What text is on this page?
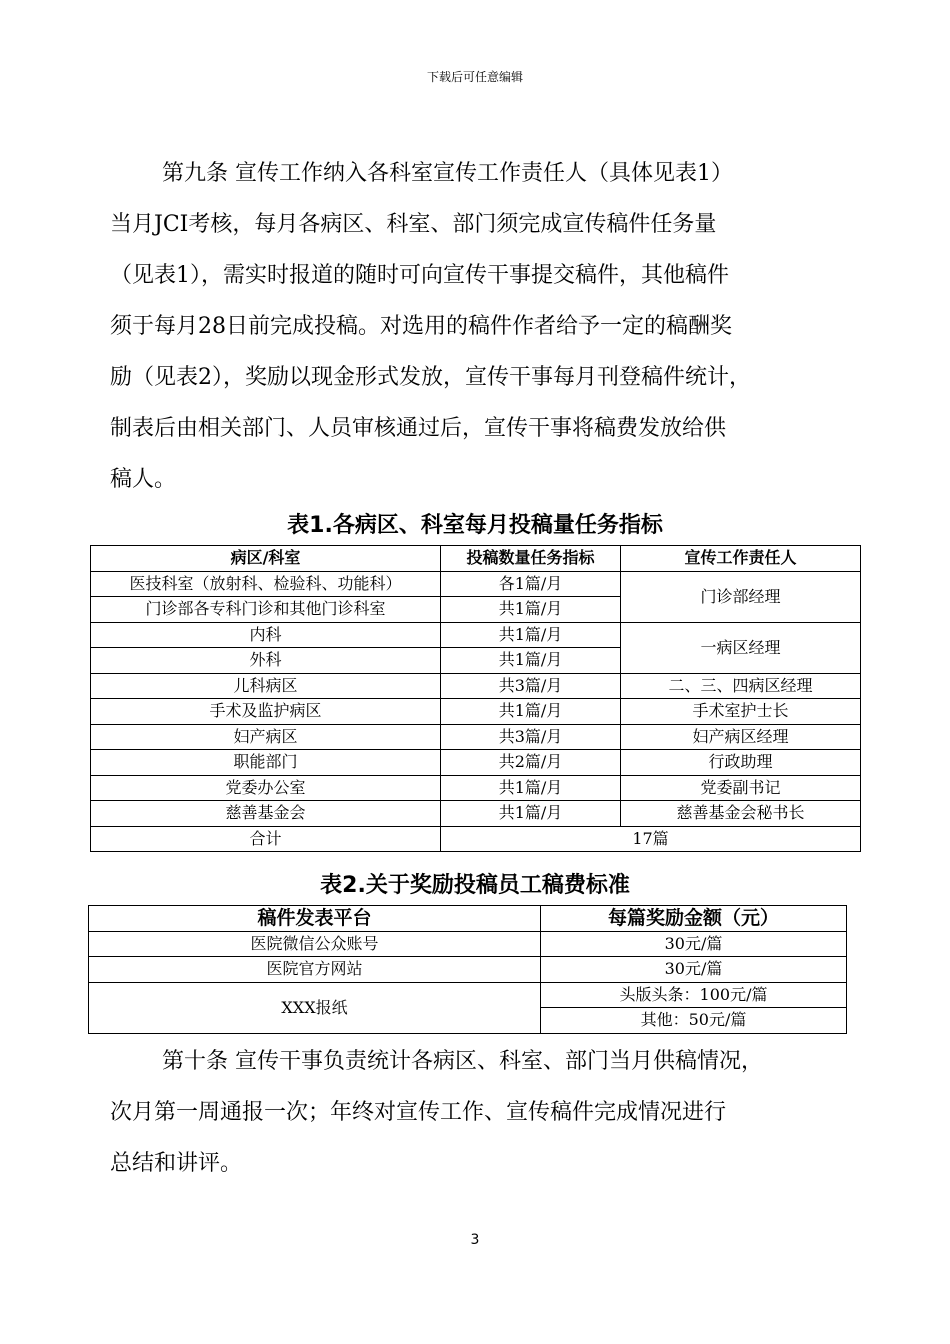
下载后可任意编辑
第九条 宣传工作纳入各科室宣传工作责任人（具体见表1）
当月JCI考核，每月各病区、科室、部门须完成宣传稿件任务量
（见表1），需实时报道的随时可向宣传干事提交稿件，其他稿件
须于每月28日前完成投稿。对选用的稿件作者给予一定的稿酬奖
励（见表2），奖励以现金形式发放，宣传干事每月刊登稿件统计，
制表后由相关部门、人员审核通过后，宣传干事将稿费发放给供
稿人。
表1.各病区、科室每月投稿量任务指标
病区/科室	投稿数量任务指标	宣传工作责任人
医技科室（放射科、检验科、功能科）	各1篇/月	门诊部经理
门诊部各专科门诊和其他门诊科室	共1篇/月	
内科	共1篇/月	一病区经理
外科	共1篇/月	
儿科病区	共3篇/月	二、三、四病区经理
手术及监护病区	共1篇/月	手术室护士长
妇产病区	共3篇/月	妇产病区经理
职能部门	共2篇/月	行政助理
党委办公室	共1篇/月	党委副书记
慈善基金会	共1篇/月	慈善基金会秘书长
合计	17篇	
表2.关于奖励投稿员工稿费标准
稿件发表平台	每篇奖励金额（元）
医院微信公众账号	30元/篇
医院官方网站	30元/篇
XXX报纸	头版头条：100元/篇
	其他：50元/篇
第十条 宣传干事负责统计各病区、科室、部门当月供稿情况，
次月第一周通报一次；年终对宣传工作、宣传稿件完成情况进行
总结和讲评。
3
